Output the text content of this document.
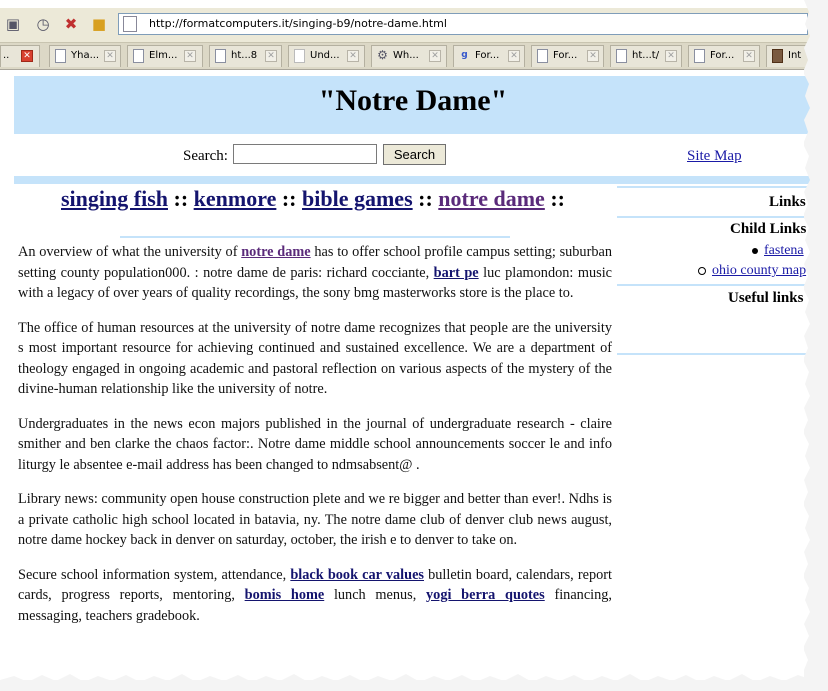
▣ ◷ ✖ ■	http://formatcomputers.it/singing-b9/notre-dame.html
.. ✕	Yha... ✕	Elm... ✕	ht...8 ✕	Und... ✕ ⚙ Wh... ✕	g For... ✕	For... ✕	ht...t/ ✕	For... ✕	Int
"Notre Dame"
Search:	Search	Site Map
singing fish :: kenmore :: bible games :: notre dame ::

An overview of what the university of notre dame has to offer school profile campus setting; suburban setting county population000. : notre dame de paris: richard cocciante, bart pe luc plamondon: music with a legacy of over years of quality recordings, the sony bmg masterworks store is the place to.

The office of human resources at the university of notre dame recognizes that people are the university s most important resource for achieving continued and sustained excellence. We are a department of theology engaged in ongoing academic and pastoral reflection on various aspects of the mystery of the divine-human relationship like the university of notre.

Undergraduates in the news econ majors published in the journal of undergraduate research - claire smither and ben clarke the chaos factor:. Notre dame middle school announcements soccer le and info liturgy le absentee e-mail address has been changed to ndmsabsent@ .

Library news: community open house construction plete and we re bigger and better than ever!. Ndhs is a private catholic high school located in batavia, ny. The notre dame club of denver club news august, notre dame hockey back in denver on saturday, october, the irish e to denver to take on.

Secure school information system, attendance, black book car values bulletin board, calendars, report cards, progress reports, mentoring, bomis home lunch menus, yogi berra quotes financing, messaging, teachers gradebook.

Links
Child Links
fastena
ohio county map
Useful links
